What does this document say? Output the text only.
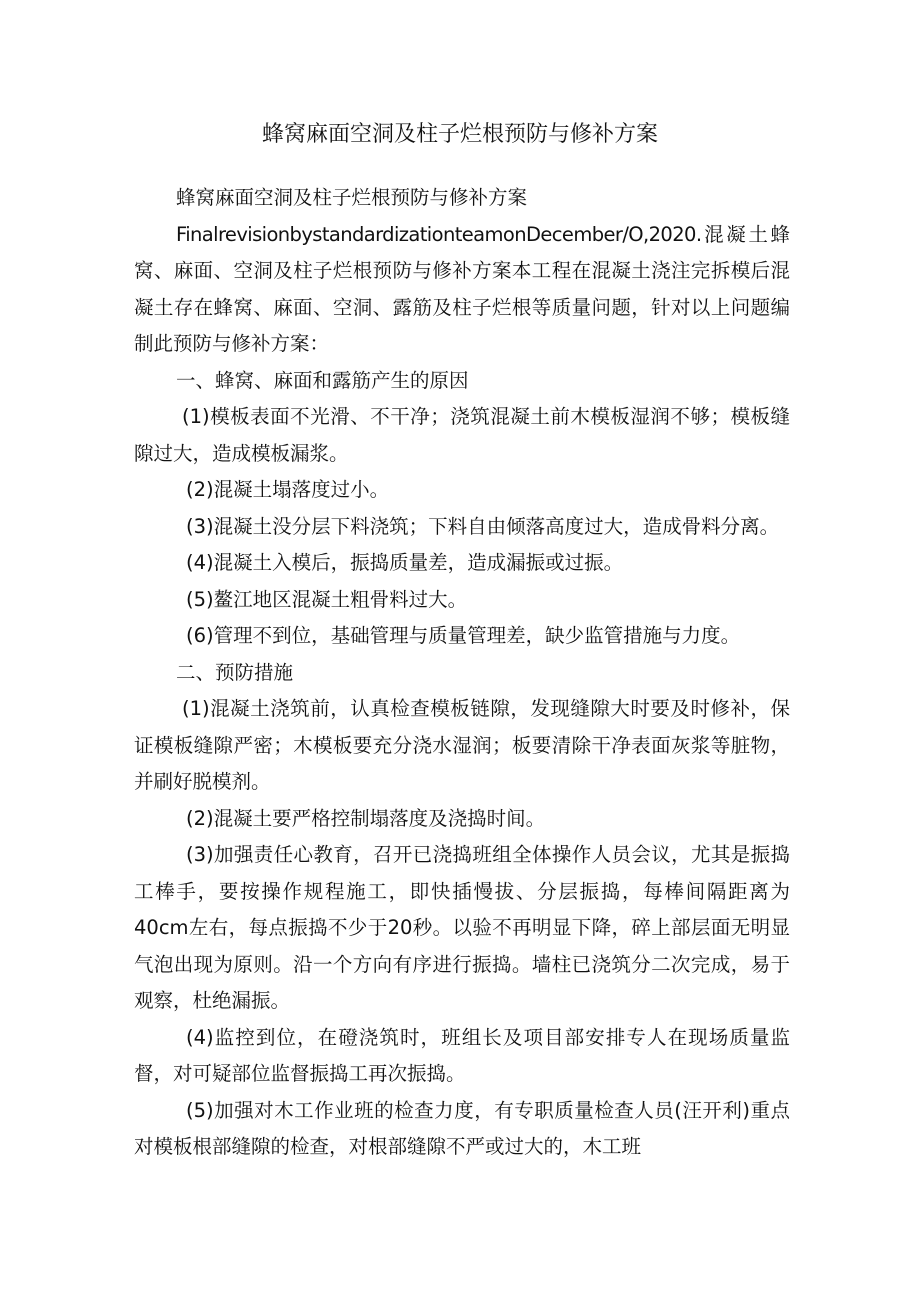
蜂窝麻面空洞及柱子烂根预防与修补方案

蜂窝麻面空洞及柱子烂根预防与修补方案

FinalrevisionbystandardizationteamonDecember/O,2020.混凝土蜂窝、麻面、空洞及柱子烂根预防与修补方案本工程在混凝土浇注完拆模后混凝土存在蜂窝、麻面、空洞、露筋及柱子烂根等质量问题，针对以上问题编制此预防与修补方案：

一、蜂窝、麻面和露筋产生的原因

(1)模板表面不光滑、不干净；浇筑混凝土前木模板湿润不够；模板缝隙过大，造成模板漏浆。

(2)混凝土塌落度过小。

(3)混凝土没分层下料浇筑；下料自由倾落高度过大，造成骨料分离。

(4)混凝土入模后，振捣质量差，造成漏振或过振。

(5)鳌江地区混凝土粗骨料过大。

(6)管理不到位，基础管理与质量管理差，缺少监管措施与力度。

二、预防措施

(1)混凝土浇筑前，认真检查模板链隙，发现缝隙大时要及时修补，保证模板缝隙严密；木模板要充分浇水湿润；板要清除干净表面灰浆等脏物，并刷好脱模剂。

(2)混凝土要严格控制塌落度及浇捣时间。

(3)加强责任心教育，召开已浇捣班组全体操作人员会议，尤其是振捣工棒手，要按操作规程施工，即快插慢拔、分层振捣，每棒间隔距离为40cm左右，每点振捣不少于20秒。以验不再明显下降，碎上部层面无明显气泡出现为原则。沿一个方向有序进行振捣。墙柱已浇筑分二次完成，易于观察，杜绝漏振。

(4)监控到位，在磴浇筑时，班组长及项目部安排专人在现场质量监督，对可疑部位监督振捣工再次振捣。

(5)加强对木工作业班的检查力度，有专职质量检查人员(汪开利)重点对模板根部缝隙的检查，对根部缝隙不严或过大的，木工班
